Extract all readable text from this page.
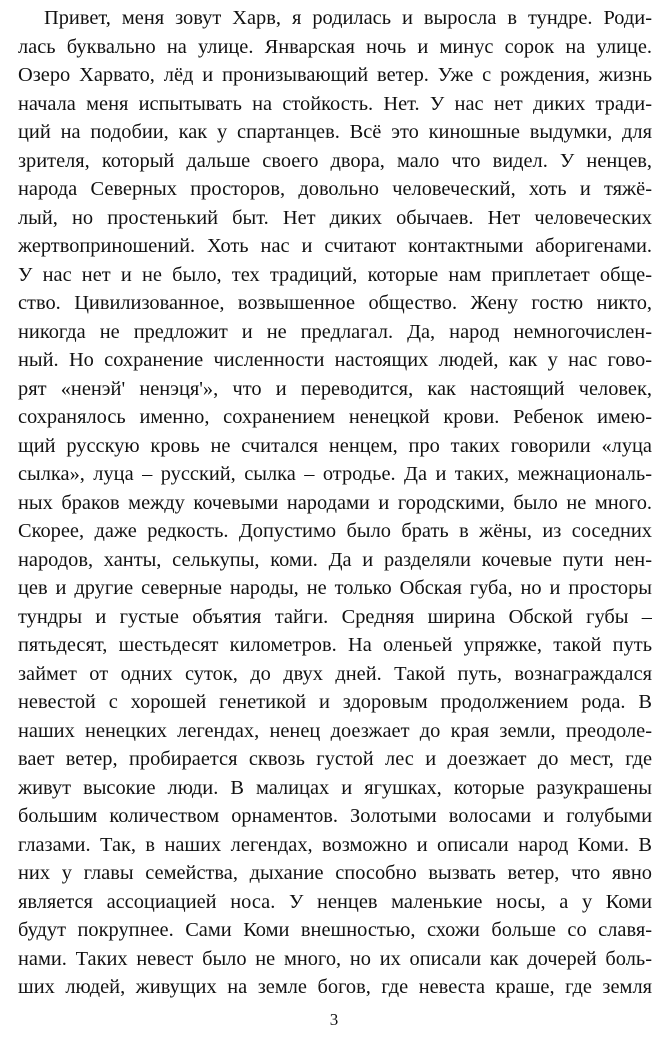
Привет, меня зовут Харв, я родилась и выросла в тундре. Роди-
лась буквально на улице. Январская ночь и минус сорок на улице.
Озеро Харвато, лёд и пронизывающий ветер. Уже с рождения, жизнь
начала меня испытывать на стойкость. Нет. У нас нет диких тради-
ций на подобии, как у спартанцев. Всё это киношные выдумки, для
зрителя, который дальше своего двора, мало что видел. У ненцев,
народа Северных просторов, довольно человеческий, хоть и тяжё-
лый, но простенький быт. Нет диких обычаев. Нет человеческих
жертвоприношений. Хоть нас и считают контактными аборигенами.
У нас нет и не было, тех традиций, которые нам приплетает обще-
ство. Цивилизованное, возвышенное общество. Жену гостю никто,
никогда не предложит и не предлагал. Да, народ немногочислен-
ный. Но сохранение численности настоящих людей, как у нас гово-
рят «ненэй' ненэця'», что и переводится, как настоящий человек,
сохранялось именно, сохранением ненецкой крови. Ребенок имею-
щий русскую кровь не считался ненцем, про таких говорили «луца
сылка», луца – русский, сылка – отродье. Да и таких, межнациональ-
ных браков между кочевыми народами и городскими, было не много.
Скорее, даже редкость. Допустимо было брать в жёны, из соседних
народов, ханты, селькупы, коми. Да и разделяли кочевые пути нен-
цев и другие северные народы, не только Обская губа, но и просторы
тундры и густые объятия тайги. Средняя ширина Обской губы –
пятьдесят, шестьдесят километров. На оленьей упряжке, такой путь
займет от одних суток, до двух дней. Такой путь, вознаграждался
невестой с хорошей генетикой и здоровым продолжением рода. В
наших ненецких легендах, ненец доезжает до края земли, преодоле-
вает ветер, пробирается сквозь густой лес и доезжает до мест, где
живут высокие люди. В малицах и ягушках, которые разукрашены
большим количеством орнаментов. Золотыми волосами и голубыми
глазами. Так, в наших легендах, возможно и описали народ Коми. В
них у главы семейства, дыхание способно вызвать ветер, что явно
является ассоциацией носа. У ненцев маленькие носы, а у Коми
будут покрупнее. Сами Коми внешностью, схожи больше со славя-
нами. Таких невест было не много, но их описали как дочерей боль-
ших людей, живущих на земле богов, где невеста краше, где земля
3
